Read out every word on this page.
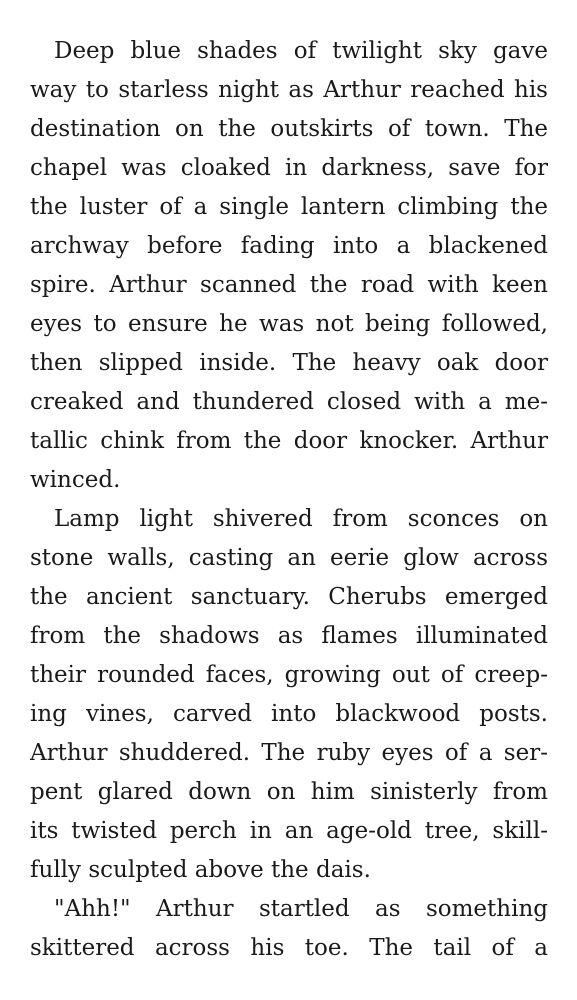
Deep blue shades of twilight sky gave
way to starless night as Arthur reached his
destination on the outskirts of town. The
chapel was cloaked in darkness, save for
the luster of a single lantern climbing the
archway before fading into a blackened
spire. Arthur scanned the road with keen
eyes to ensure he was not being followed,
then slipped inside. The heavy oak door
creaked and thundered closed with a me-
tallic chink from the door knocker. Arthur
winced.
Lamp light shivered from sconces on
stone walls, casting an eerie glow across
the ancient sanctuary. Cherubs emerged
from the shadows as flames illuminated
their rounded faces, growing out of creep-
ing vines, carved into blackwood posts.
Arthur shuddered. The ruby eyes of a ser-
pent glared down on him sinisterly from
its twisted perch in an age-old tree, skill-
fully sculpted above the dais.
"Ahh!" Arthur startled as something
skittered across his toe. The tail of a
